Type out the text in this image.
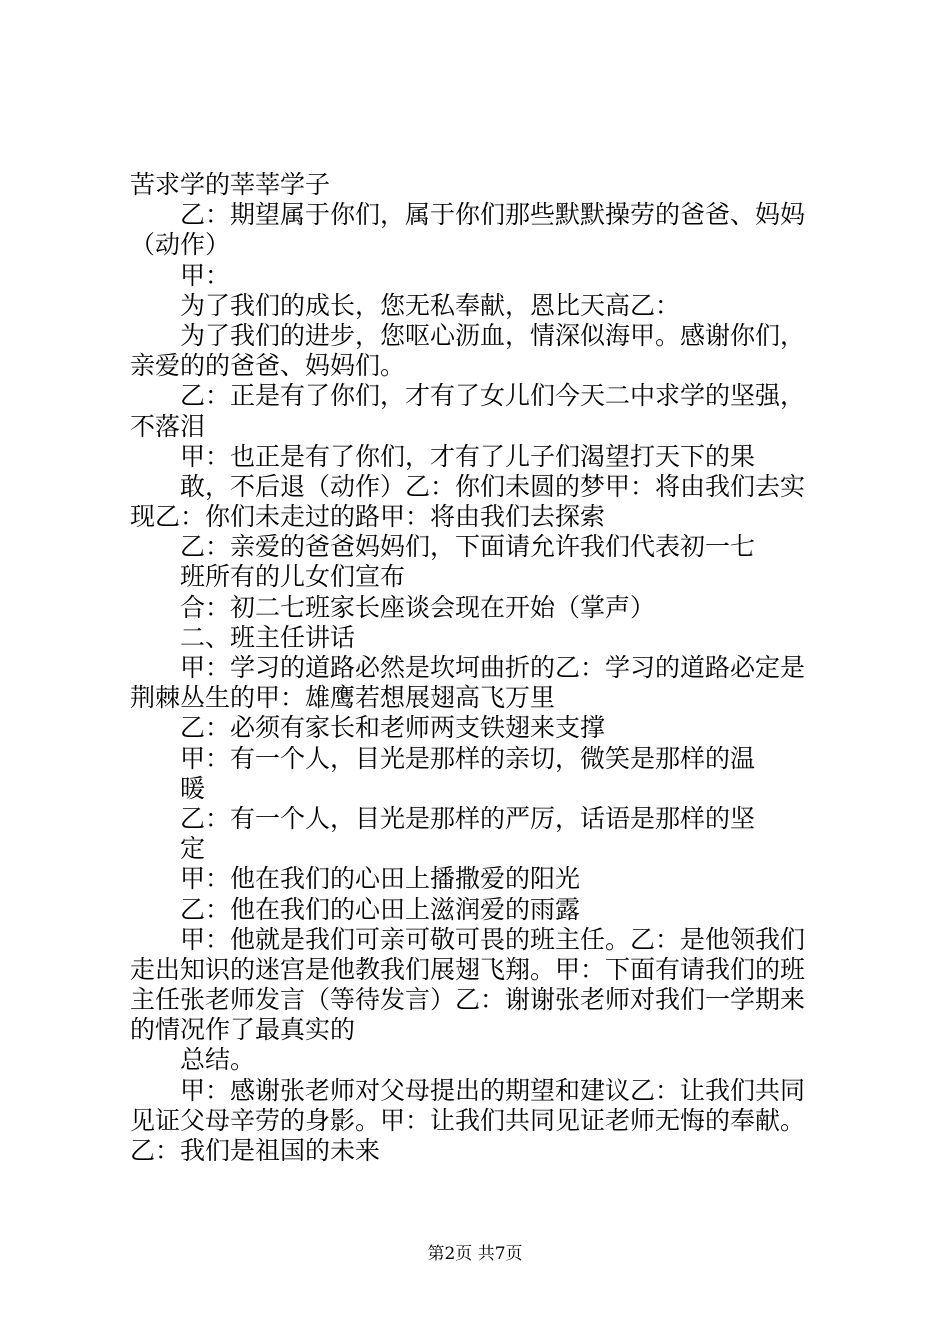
苦求学的莘莘学子
乙：期望属于你们，属于你们那些默默操劳的爸爸、妈妈
（动作）
甲：
为了我们的成长，您无私奉献，恩比天高乙：
为了我们的进步，您呕心沥血，情深似海甲。感谢你们，
亲爱的的爸爸、妈妈们。
乙：正是有了你们，才有了女儿们今天二中求学的坚强，
不落泪
甲：也正是有了你们，才有了儿子们渴望打天下的果
敢，不后退（动作）乙：你们未圆的梦甲：将由我们去实
现乙：你们未走过的路甲：将由我们去探索
乙：亲爱的爸爸妈妈们，下面请允许我们代表初一七
班所有的儿女们宣布
合：初二七班家长座谈会现在开始（掌声）
二、班主任讲话
甲：学习的道路必然是坎坷曲折的乙：学习的道路必定是
荆棘丛生的甲：雄鹰若想展翅高飞万里
乙：必须有家长和老师两支铁翅来支撑
甲：有一个人，目光是那样的亲切，微笑是那样的温
暖
乙：有一个人，目光是那样的严厉，话语是那样的坚
定
甲：他在我们的心田上播撒爱的阳光
乙：他在我们的心田上滋润爱的雨露
甲：他就是我们可亲可敬可畏的班主任。乙：是他领我们
走出知识的迷宫是他教我们展翅飞翔。甲：下面有请我们的班
主任张老师发言（等待发言）乙：谢谢张老师对我们一学期来
的情况作了最真实的
总结。
甲：感谢张老师对父母提出的期望和建议乙：让我们共同
见证父母辛劳的身影。甲：让我们共同见证老师无悔的奉献。
乙：我们是祖国的未来
第2页 共7页
